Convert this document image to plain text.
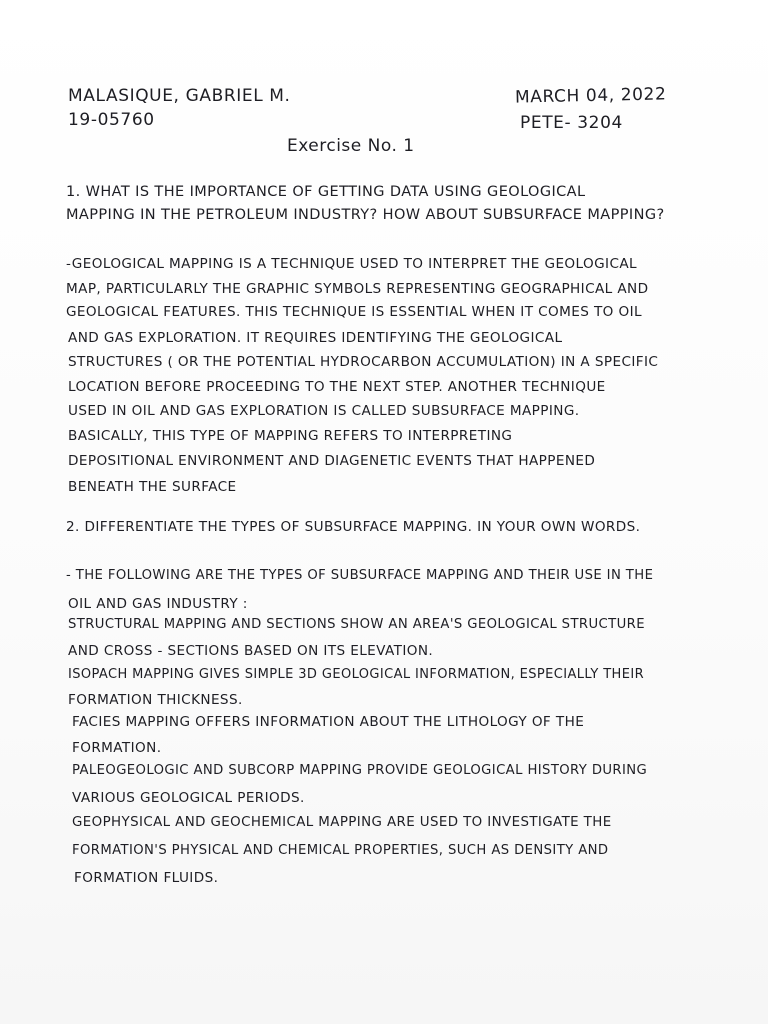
MALASIQUE, GABRIEL M.
19-05760
MARCH 04, 2022
PETE- 3204
Exercise No. 1
1. WHAT IS THE IMPORTANCE OF GETTING DATA USING GEOLOGICAL
MAPPING IN THE PETROLEUM INDUSTRY? HOW ABOUT SUBSURFACE MAPPING?
-GEOLOGICAL MAPPING IS A TECHNIQUE USED TO INTERPRET THE GEOLOGICAL
MAP, PARTICULARLY THE GRAPHIC SYMBOLS REPRESENTING GEOGRAPHICAL AND
GEOLOGICAL FEATURES. THIS TECHNIQUE IS ESSENTIAL WHEN IT COMES TO OIL
AND GAS EXPLORATION. IT REQUIRES IDENTIFYING THE GEOLOGICAL
STRUCTURES ( OR THE POTENTIAL HYDROCARBON ACCUMULATION) IN A SPECIFIC
LOCATION BEFORE PROCEEDING TO THE NEXT STEP. ANOTHER TECHNIQUE
USED IN OIL AND GAS EXPLORATION IS CALLED SUBSURFACE MAPPING.
BASICALLY, THIS TYPE OF MAPPING REFERS TO INTERPRETING
DEPOSITIONAL ENVIRONMENT AND DIAGENETIC EVENTS THAT HAPPENED
BENEATH THE SURFACE
2. DIFFERENTIATE THE TYPES OF SUBSURFACE MAPPING. IN YOUR OWN WORDS.
- THE FOLLOWING ARE THE TYPES OF SUBSURFACE MAPPING AND THEIR USE IN THE
OIL AND GAS INDUSTRY :
STRUCTURAL MAPPING AND SECTIONS SHOW AN AREA'S GEOLOGICAL STRUCTURE
AND CROSS - SECTIONS BASED ON ITS ELEVATION.
ISOPACH MAPPING GIVES SIMPLE 3D GEOLOGICAL INFORMATION, ESPECIALLY THEIR
FORMATION THICKNESS.
FACIES MAPPING OFFERS INFORMATION ABOUT THE LITHOLOGY OF THE
FORMATION.
PALEOGEOLOGIC AND SUBCORP MAPPING PROVIDE GEOLOGICAL HISTORY DURING
VARIOUS GEOLOGICAL PERIODS.
GEOPHYSICAL AND GEOCHEMICAL MAPPING ARE USED TO INVESTIGATE THE
FORMATION'S PHYSICAL AND CHEMICAL PROPERTIES, SUCH AS DENSITY AND
FORMATION FLUIDS.
